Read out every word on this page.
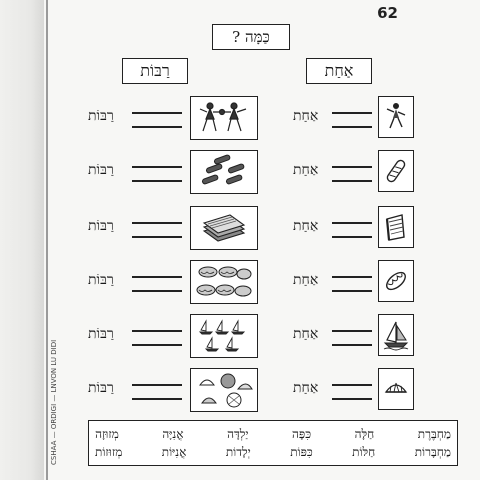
CSHAA — ORDIGI — LNVON LU DIDI
62
כַּמָּה ?
אַחַת
רַבּוֹת
אַחַת
רַבּוֹת
אַחַת
רַבּוֹת
אַחַת
רַבּוֹת
אַחַת
רַבּוֹת
אַחַת
רַבּוֹת
אַחַת
רַבּוֹת
מְזוּזָה	אֳנִיָּה	יַלְדָּה	כִּפָּה	חַלָּה	מַחְבֶּרֶת
מְזוּזוֹת	אֳנִיּוֹת	יְלָדוֹת	כִּפּוֹת	חַלּוֹת	מַחְבָּרוֹת
